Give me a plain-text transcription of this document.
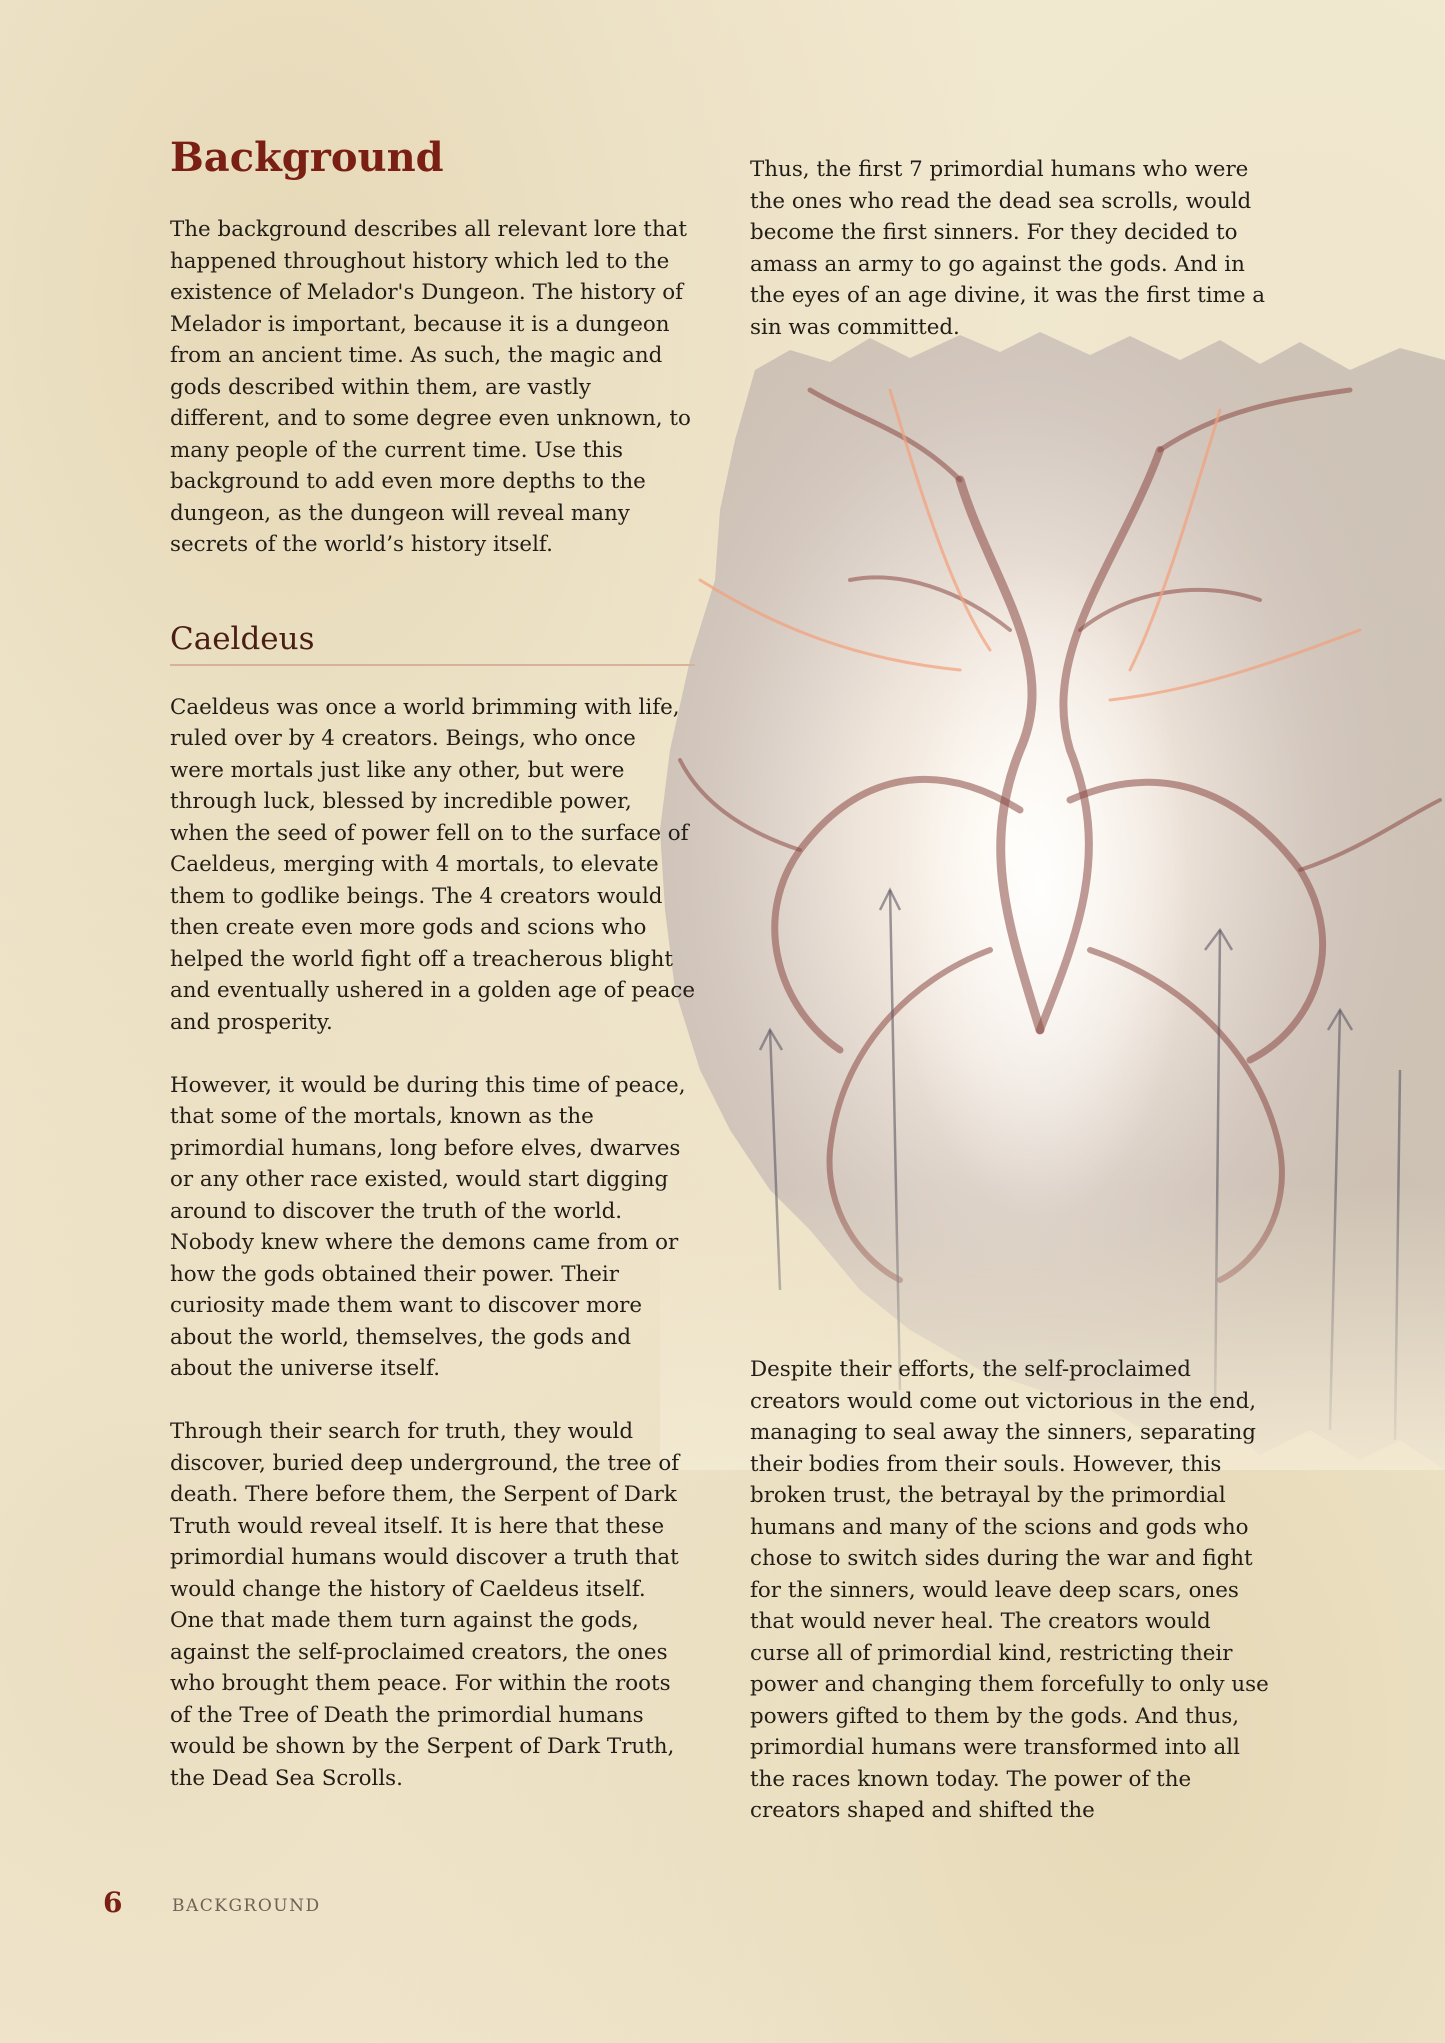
Background

The background describes all relevant lore that happened throughout history which led to the existence of Melador's Dungeon. The history of Melador is important, because it is a dungeon from an ancient time. As such, the magic and gods described within them, are vastly different, and to some degree even unknown, to many people of the current time. Use this background to add even more depths to the dungeon, as the dungeon will reveal many secrets of the world’s history itself.

Caeldeus

Caeldeus was once a world brimming with life, ruled over by 4 creators. Beings, who once were mortals just like any other, but were through luck, blessed by incredible power, when the seed of power fell on to the surface of Caeldeus, merging with 4 mortals, to elevate them to godlike beings. The 4 creators would then create even more gods and scions who helped the world fight off a treacherous blight and eventually ushered in a golden age of peace and prosperity.

However, it would be during this time of peace, that some of the mortals, known as the primordial humans, long before elves, dwarves or any other race existed, would start digging around to discover the truth of the world. Nobody knew where the demons came from or how the gods obtained their power. Their curiosity made them want to discover more about the world, themselves, the gods and about the universe itself.

Through their search for truth, they would discover, buried deep underground, the tree of death. There before them, the Serpent of Dark Truth would reveal itself. It is here that these primordial humans would discover a truth that would change the history of Caeldeus itself. One that made them turn against the gods, against the self-proclaimed creators, the ones who brought them peace. For within the roots of the Tree of Death the primordial humans would be shown by the Serpent of Dark Truth, the Dead Sea Scrolls.

Thus, the first 7 primordial humans who were the ones who read the dead sea scrolls, would become the first sinners. For they decided to amass an army to go against the gods. And in the eyes of an age divine, it was the first time a sin was committed.

Despite their efforts, the self-proclaimed creators would come out victorious in the end, managing to seal away the sinners, separating their bodies from their souls. However, this broken trust, the betrayal by the primordial humans and many of the scions and gods who chose to switch sides during the war and fight for the sinners, would leave deep scars, ones that would never heal. The creators would curse all of primordial kind, restricting their power and changing them forcefully to only use powers gifted to them by the gods. And thus, primordial humans were transformed into all the races known today. The power of the creators shaped and shifted the

6	BACKGROUND
